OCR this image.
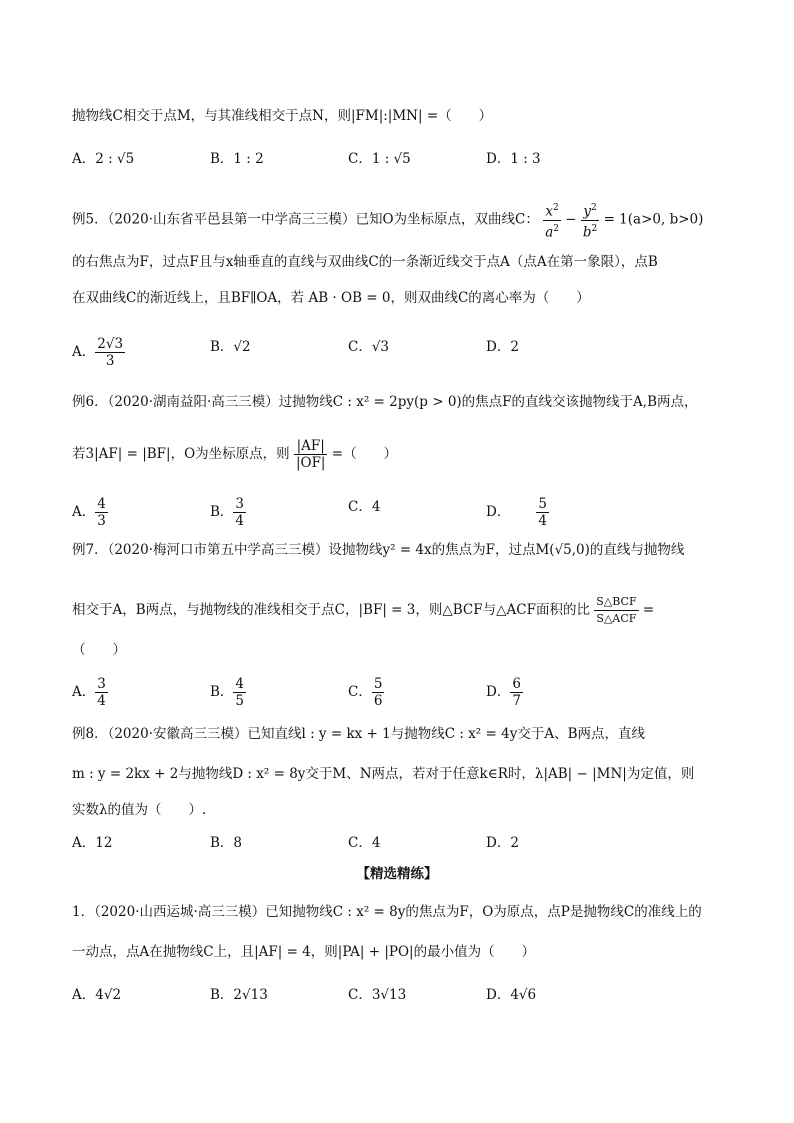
抛物线C相交于点M，与其准线相交于点N，则|FM|:|MN| =（　　）
A．2 : √5	B．1 : 2	C．1 : √5	D．1 : 3
例5．（2020·山东省平邑县第一中学高三三模）已知O为坐标原点，双曲线C： $\frac{x^2}{a^2} - \frac{y^2}{b^2} = 1(a>0$, b>0)
的右焦点为F，过点F且与x轴垂直的直线与双曲线C的一条渐近线交于点A（点A在第一象限），点B
在双曲线C的渐近线上，且BF∥OA，若 AB · OB = 0，则双曲线C的离心率为（　　）
A． $\frac{2√3}{3}$	B．√2	C．√3	D．2
例6．（2020·湖南益阳·高三三模）过抛物线C : x² = 2py(p > 0)的焦点F的直线交该抛物线于A,B两点，
若3|AF| = |BF|，O为坐标原点，则 $\frac{|AF|}{|OF|}$ =（　　）
A． $\frac{4}{3}$	B． $\frac{3}{4}$	C．4	D． $\frac{5}{4}$
例7．（2020·梅河口市第五中学高三三模）设抛物线y² = 4x的焦点为F，过点M(√5,0)的直线与抛物线
相交于A，B两点，与抛物线的准线相交于点C，|BF| = 3，则△BCF与△ACF面积的比 $\frac{\text{S△BCF}}{\text{S△ACF}}$ =
（　　）
A． $\frac{3}{4}$	B． $\frac{4}{5}$	C． $\frac{5}{6}$	D． $\frac{6}{7}$
例8．（2020·安徽高三三模）已知直线l : y = kx + 1与抛物线C : x² = 4y交于A、B两点，直线
m : y = 2kx + 2与抛物线D : x² = 8y交于M、N两点，若对于任意k∈R时，λ|AB| − |MN|为定值，则
实数λ的值为（　　）.
A．12	B．8	C．4	D．2
【精选精练】
1．（2020·山西运城·高三三模）已知抛物线C : x² = 8y的焦点为F，O为原点，点P是抛物线C的准线上的
一动点，点A在抛物线C上，且|AF| = 4，则|PA| + |PO|的最小值为（　　）
A．4√2	B．2√13	C．3√13	D．4√6
